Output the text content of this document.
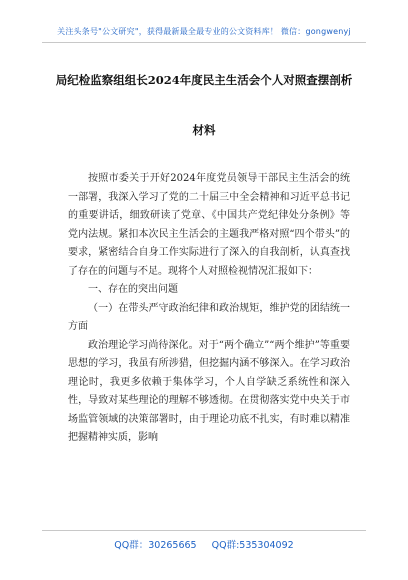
关注头条号"公文研究"，获得最新最全最专业的公文资料库！ 微信：gongwenyj
局纪检监察组组长2024年度民主生活会个人对照查摆剖析
材料

按照市委关于开好2024年度党员领导干部民主生活会的统一部署，我深入学习了党的二十届三中全会精神和习近平总书记的重要讲话，细致研读了党章、《中国共产党纪律处分条例》等党内法规。紧扣本次民主生活会的主题我严格对照“四个带头”的要求，紧密结合自身工作实际进行了深入的自我剖析，认真查找了存在的问题与不足。现将个人对照检视情况汇报如下：

一、存在的突出问题

（一）在带头严守政治纪律和政治规矩，维护党的团结统一方面

政治理论学习尚待深化。对于“两个确立”“两个维护”等重要思想的学习，我虽有所涉猎，但挖掘内涵不够深入。在学习政治理论时，我更多依赖于集体学习，个人自学缺乏系统性和深入性，导致对某些理论的理解不够透彻。在贯彻落实党中央关于市场监管领域的决策部署时，由于理论功底不扎实，有时难以精准把握精神实质，影响

QQ群：30265665 QQ群:535304092
